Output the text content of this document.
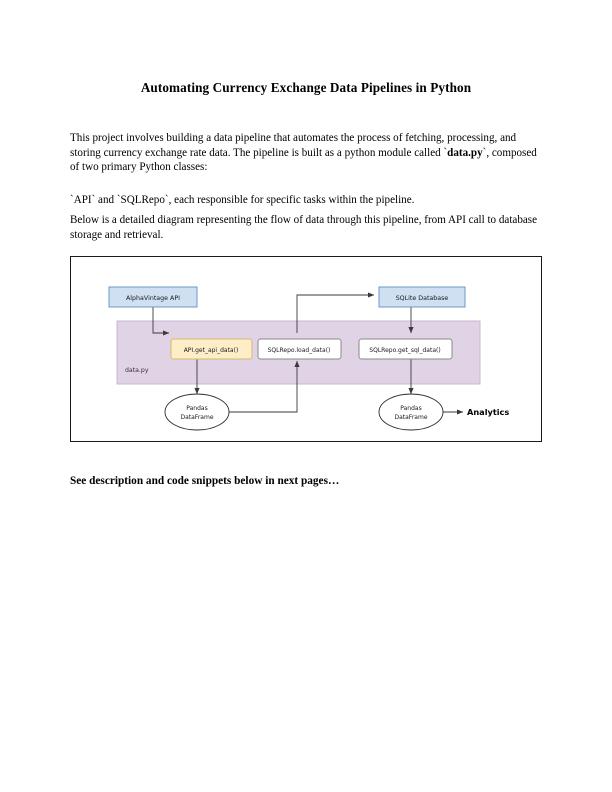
Automating Currency Exchange Data Pipelines in Python

This project involves building a data pipeline that automates the process of fetching, processing, and storing currency exchange rate data. The pipeline is built as a python module called `data.py`, composed of two primary Python classes:

`API` and `SQLRepo`, each responsible for specific tasks within the pipeline.

Below is a detailed diagram representing the flow of data through this pipeline, from API call to database storage and retrieval.

data.py
AlphaVintage API	SQLite Database
API.get_api_data()	SQLRepo.load_data()	SQLRepo.get_sql_data()
Pandas
DataFrame
Pandas
DataFrame
Analytics
See description and code snippets below in next pages…
